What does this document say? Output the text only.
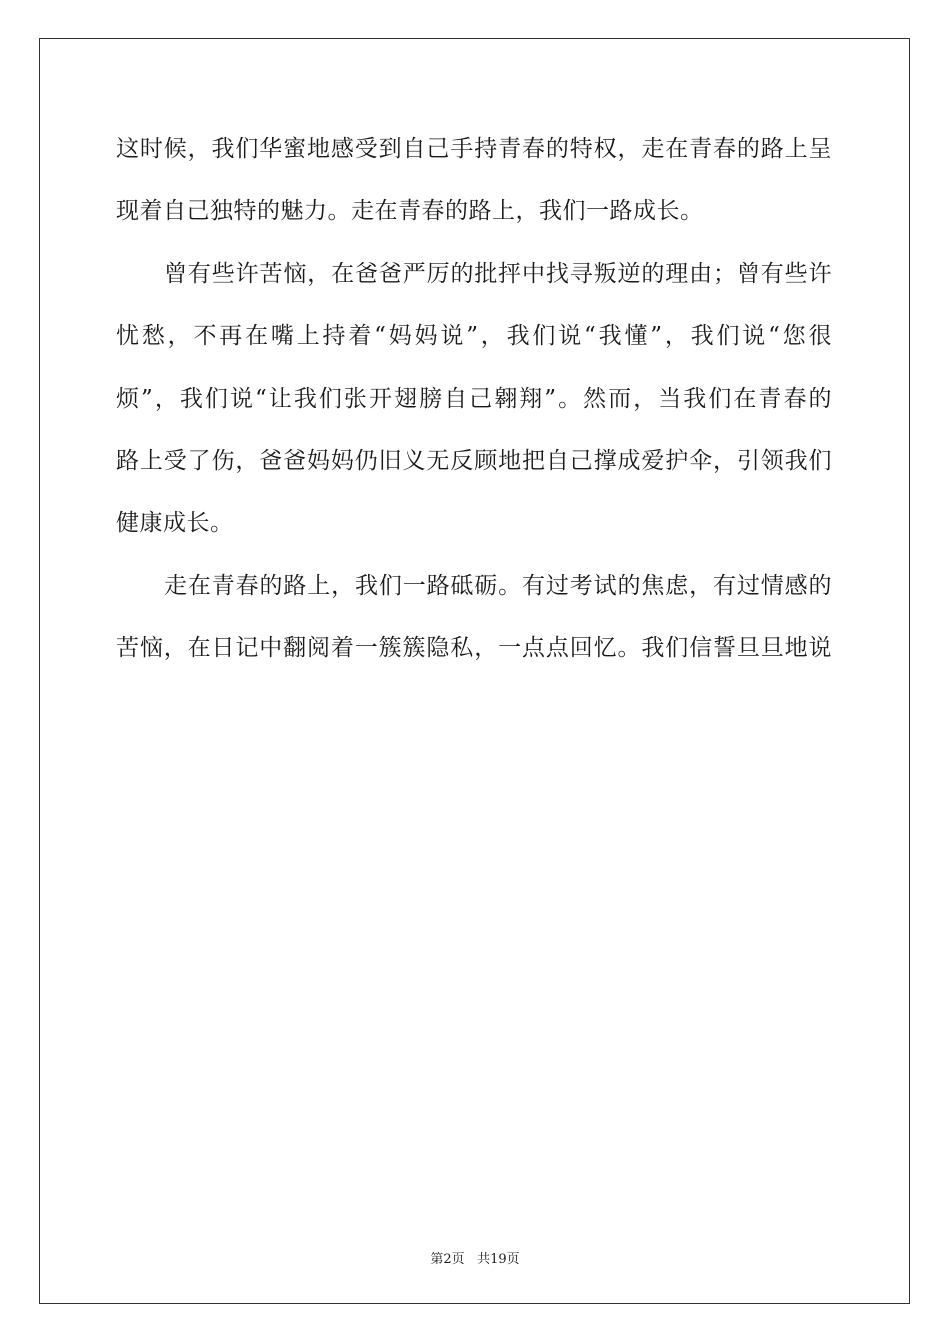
这时候，我们华蜜地感受到自己手持青春的特权，走在青春的路上呈
现着自己独特的魅力。走在青春的路上，我们一路成长。
曾有些许苦恼，在爸爸严厉的批抨中找寻叛逆的理由；曾有些许
忧愁，不再在嘴上持着“妈妈说”，我们说“我懂”，我们说“您很
烦”，我们说“让我们张开翅膀自己翱翔”。然而，当我们在青春的
路上受了伤，爸爸妈妈仍旧义无反顾地把自己撑成爱护伞，引领我们
健康成长。
走在青春的路上，我们一路砥砺。有过考试的焦虑，有过情感的
苦恼，在日记中翻阅着一簇簇隐私，一点点回忆。我们信誓旦旦地说
第2页 共19页
